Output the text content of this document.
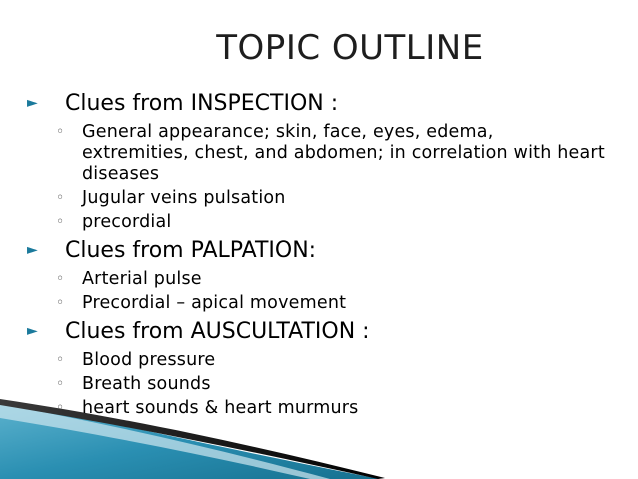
TOPIC OUTLINE
► Clues from INSPECTION :
◦ General appearance; skin, face, eyes, edema, extremities, chest, and abdomen; in correlation with heart diseases
◦ Jugular veins pulsation
◦ precordial
► Clues from PALPATION:
◦ Arterial pulse
◦ Precordial – apical movement
► Clues from AUSCULTATION :
◦ Blood pressure
◦ Breath sounds
◦ heart sounds & heart murmurs
